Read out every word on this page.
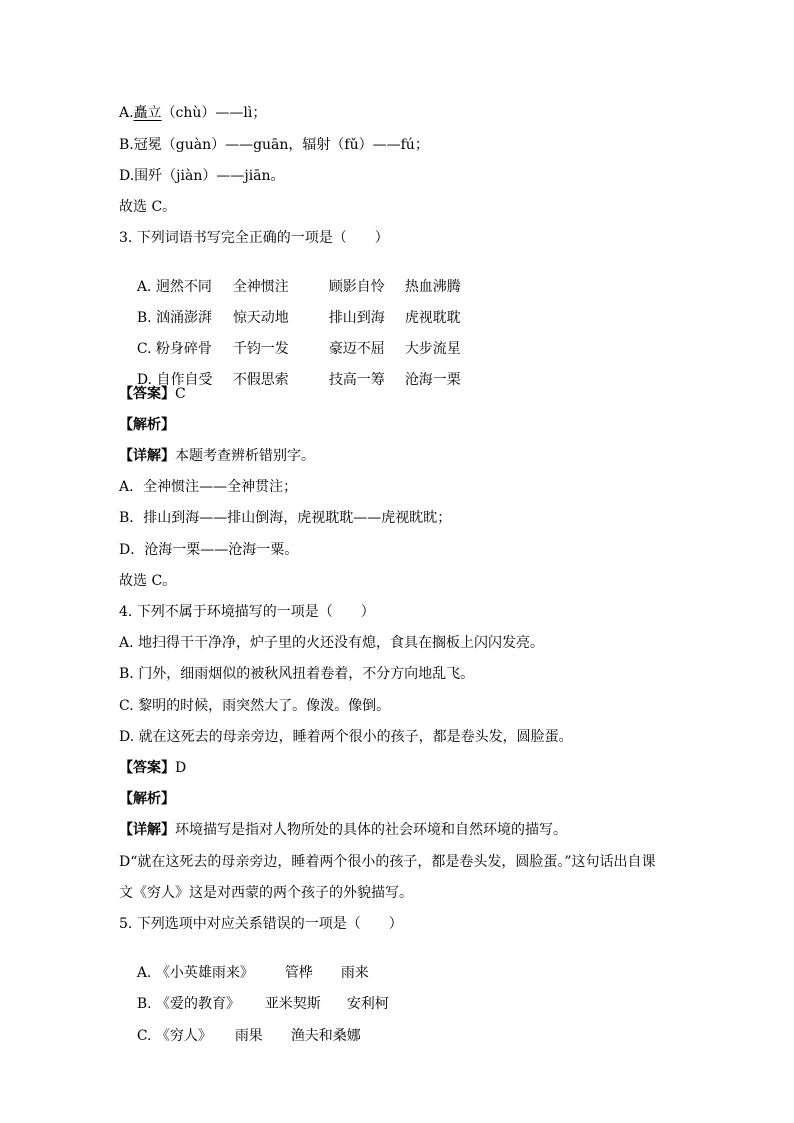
A.矗立（chù）——lì；
B.冠冕（guàn）——guān，辐射（fǔ）——fú；
D.围歼（jiàn）——jiān。
故选 C。
3. 下列词语书写完全正确的一项是（　　）

A. 迥然不同 全神惯注	顾影自怜 热血沸腾

B. 汹涌澎湃 惊天动地	排山到海 虎视耽耽

C. 粉身碎骨 千钧一发	豪迈不屈 大步流星

D. 自作自受 不假思索	技高一筹 沧海一栗

【答案】C
【解析】
【详解】本题考查辨析错别字。
A．全神惯注——全神贯注；
B．排山到海——排山倒海，虎视耽耽——虎视眈眈；
D．沧海一栗——沧海一粟。
故选 C。
4. 下列不属于环境描写的一项是（　　）
A. 地扫得干干净净，炉子里的火还没有熄，食具在搁板上闪闪发亮。
B. 门外，细雨烟似的被秋风扭着卷着，不分方向地乱飞。
C. 黎明的时候，雨突然大了。像泼。像倒。
D. 就在这死去的母亲旁边，睡着两个很小的孩子，都是卷头发，圆脸蛋。
【答案】D
【解析】
【详解】环境描写是指对人物所处的具体的社会环境和自然环境的描写。
D“就在这死去的母亲旁边，睡着两个很小的孩子，都是卷头发，圆脸蛋。”这句话出自课
文《穷人》这是对西蒙的两个孩子的外貌描写。
5. 下列选项中对应关系错误的一项是（　　）

A. 《小英雄雨来》 管桦 雨来

B. 《爱的教育》 亚米契斯 安利柯

C. 《穷人》 雨果 渔夫和桑娜
